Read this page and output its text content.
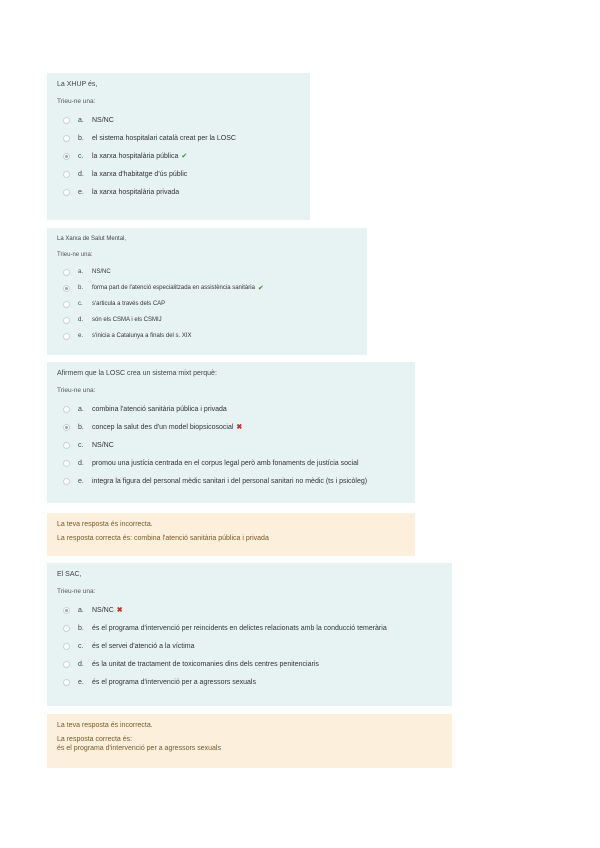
La XHUP és,
Trieu-ne una:
a.	NS/NC
b.	el sistema hospitalari català creat per la LOSC
c.	la xarxa hospitalària pública ✔
d.	la xarxa d'habitatge d'ús públic
e.	la xarxa hospitalària privada
La Xarxa de Salut Mental,
Trieu-ne una:
a.	NS/NC
b.	forma part de l'atenció especialitzada en assistència sanitària ✔
c.	s'articula a través dels CAP
d.	són els CSMA i els CSMIJ
e.	s'inicia a Catalunya a finals del s. XIX
Afirmem que la LOSC crea un sistema mixt perquè:
Trieu-ne una:
a.	combina l'atenció sanitària pública i privada
b.	concep la salut des d'un model biopsicosocial ✖
c.	NS/NC
d.	promou una justícia centrada en el corpus legal però amb fonaments de justícia social
e.	integra la figura del personal mèdic sanitari i del personal sanitari no mèdic (ts i psicòleg)
La teva resposta és incorrecta.
La resposta correcta és: combina l'atenció sanitària pública i privada
El SAC,
Trieu-ne una:
a.	NS/NC ✖
b.	és el programa d'intervenció per reincidents en delictes relacionats amb la conducció temerària
c.	és el servei d'atenció a la víctima
d.	és la unitat de tractament de toxicomanies dins dels centres penitenciaris
e.	és el programa d'intervenció per a agressors sexuals
La teva resposta és incorrecta.
La resposta correcta és:
és el programa d'intervenció per a agressors sexuals
